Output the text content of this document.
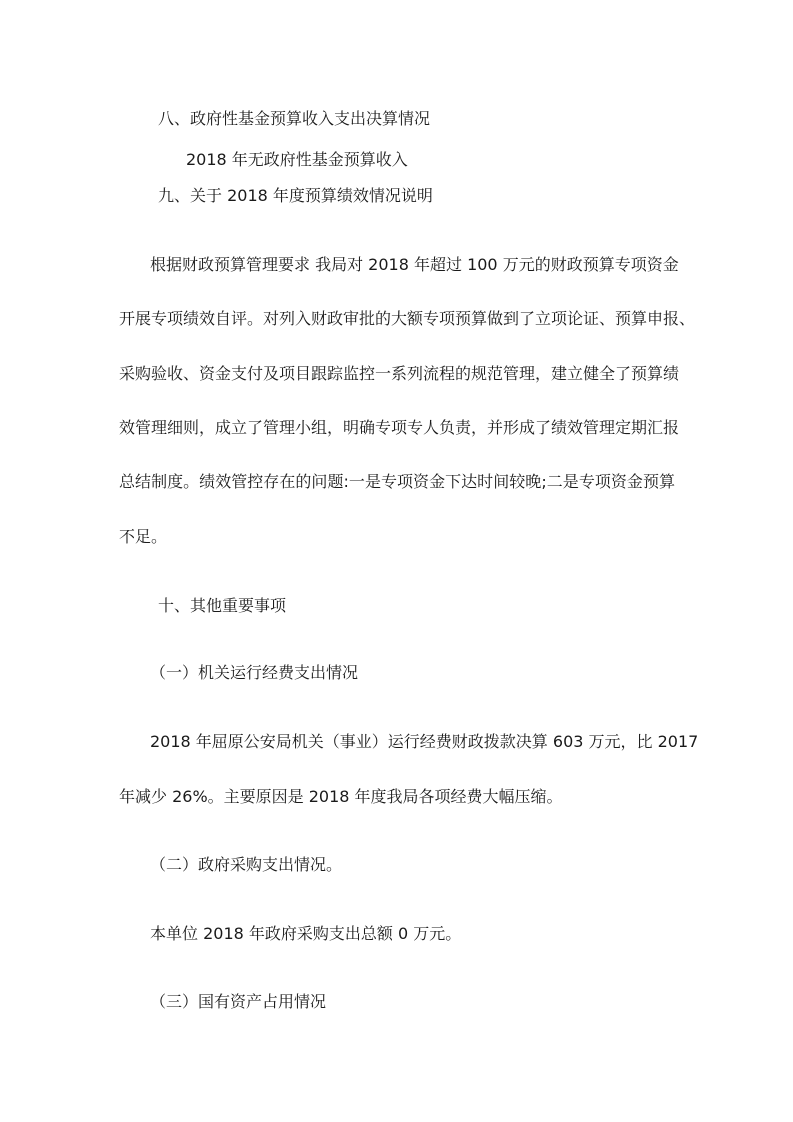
八、政府性基金预算收入支出决算情况
2018 年无政府性基金预算收入
九、关于 2018 年度预算绩效情况说明
根据财政预算管理要求 我局对 2018 年超过 100 万元的财政预算专项资金
开展专项绩效自评。对列入财政审批的大额专项预算做到了立项论证、预算申报、
采购验收、资金支付及项目跟踪监控一系列流程的规范管理，建立健全了预算绩
效管理细则，成立了管理小组，明确专项专人负责，并形成了绩效管理定期汇报
总结制度。绩效管控存在的问题:一是专项资金下达时间较晚;二是专项资金预算
不足。
十、其他重要事项
（一）机关运行经费支出情况
2018 年屈原公安局机关（事业）运行经费财政拨款决算 603 万元，比 2017
年减少 26%。主要原因是 2018 年度我局各项经费大幅压缩。
（二）政府采购支出情况。
本单位 2018 年政府采购支出总额 0 万元。
（三）国有资产占用情况
